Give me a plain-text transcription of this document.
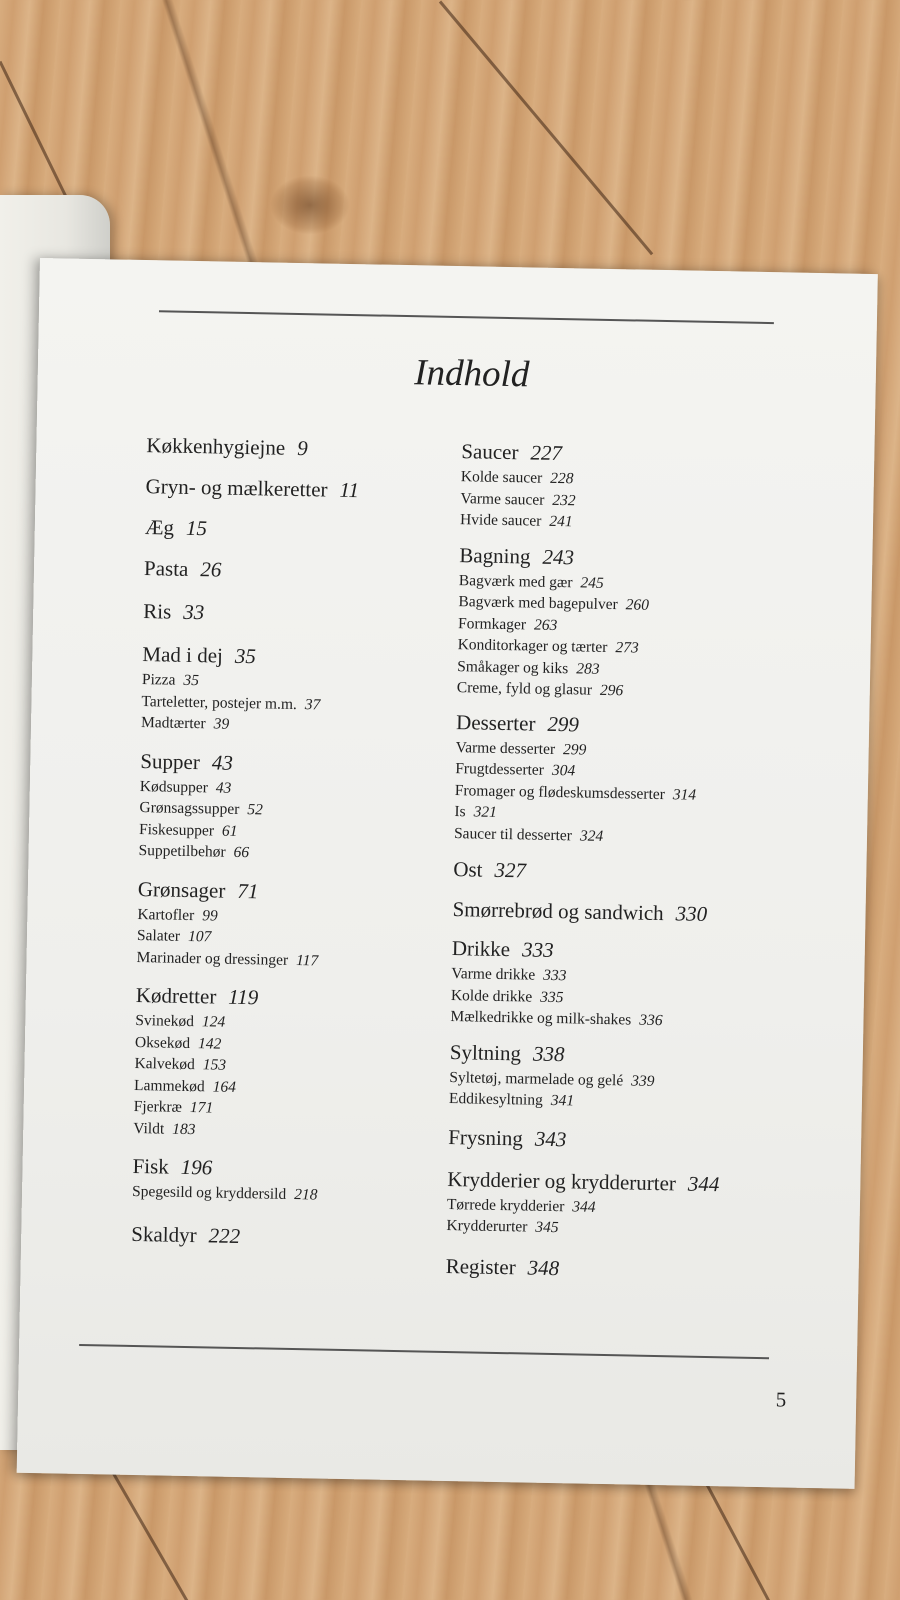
Indhold
Køkkenhygiejne 9
Gryn- og mælkeretter 11
Æg 15
Pasta 26
Ris 33
Mad i dej 35
Pizza 35
Tarteletter, postejer m.m. 37
Madtærter 39
Supper 43
Kødsupper 43
Grønsagssupper 52
Fiskesupper 61
Suppetilbehør 66
Grønsager 71
Kartofler 99
Salater 107
Marinader og dressinger 117
Kødretter 119
Svinekød 124
Oksekød 142
Kalvekød 153
Lammekød 164
Fjerkræ 171
Vildt 183
Fisk 196
Spegesild og kryddersild 218
Skaldyr 222
Saucer 227
Kolde saucer 228
Varme saucer 232
Hvide saucer 241
Bagning 243
Bagværk med gær 245
Bagværk med bagepulver 260
Formkager 263
Konditorkager og tærter 273
Småkager og kiks 283
Creme, fyld og glasur 296
Desserter 299
Varme desserter 299
Frugtdesserter 304
Fromager og flødeskumsdesserter 314
Is 321
Saucer til desserter 324
Ost 327
Smørrebrød og sandwich 330
Drikke 333
Varme drikke 333
Kolde drikke 335
Mælkedrikke og milk-shakes 336
Syltning 338
Syltetøj, marmelade og gelé 339
Eddikesyltning 341
Frysning 343
Krydderier og krydderurter 344
Tørrede krydderier 344
Krydderurter 345
Register 348
5
